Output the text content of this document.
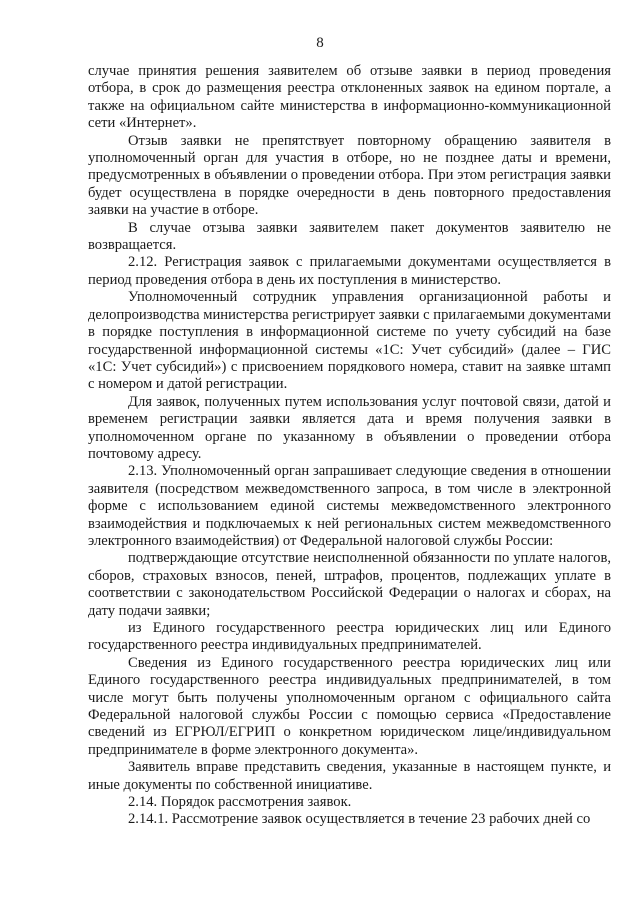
8

случае принятия решения заявителем об отзыве заявки в период проведения отбора, в срок до размещения реестра отклоненных заявок на едином портале, а также на официальном сайте министерства в информационно-коммуникационной сети «Интернет».

Отзыв заявки не препятствует повторному обращению заявителя в уполномоченный орган для участия в отборе, но не позднее даты и времени, предусмотренных в объявлении о проведении отбора. При этом регистрация заявки будет осуществлена в порядке очередности в день повторного предоставления заявки на участие в отборе.

В случае отзыва заявки заявителем пакет документов заявителю не возвращается.

2.12. Регистрация заявок с прилагаемыми документами осуществляется в период проведения отбора в день их поступления в министерство.

Уполномоченный сотрудник управления организационной работы и делопроизводства министерства регистрирует заявки с прилагаемыми документами в порядке поступления в информационной системе по учету субсидий на базе государственной информационной системы «1С: Учет субсидий» (далее – ГИС «1С: Учет субсидий») с присвоением порядкового номера, ставит на заявке штамп с номером и датой регистрации.

Для заявок, полученных путем использования услуг почтовой связи, датой и временем регистрации заявки является дата и время получения заявки в уполномоченном органе по указанному в объявлении о проведении отбора почтовому адресу.

2.13. Уполномоченный орган запрашивает следующие сведения в отношении заявителя (посредством межведомственного запроса, в том числе в электронной форме с использованием единой системы межведомственного электронного взаимодействия и подключаемых к ней региональных систем межведомственного электронного взаимодействия) от Федеральной налоговой службы России:

подтверждающие отсутствие неисполненной обязанности по уплате налогов, сборов, страховых взносов, пеней, штрафов, процентов, подлежащих уплате в соответствии с законодательством Российской Федерации о налогах и сборах, на дату подачи заявки;

из Единого государственного реестра юридических лиц или Единого государственного реестра индивидуальных предпринимателей.

Сведения из Единого государственного реестра юридических лиц или Единого государственного реестра индивидуальных предпринимателей, в том числе могут быть получены уполномоченным органом с официального сайта Федеральной налоговой службы России с помощью сервиса «Предоставление сведений из ЕГРЮЛ/ЕГРИП о конкретном юридическом лице/индивидуальном предпринимателе в форме электронного документа».

Заявитель вправе представить сведения, указанные в настоящем пункте, и иные документы по собственной инициативе.

2.14. Порядок рассмотрения заявок.

2.14.1. Рассмотрение заявок осуществляется в течение 23 рабочих дней со
